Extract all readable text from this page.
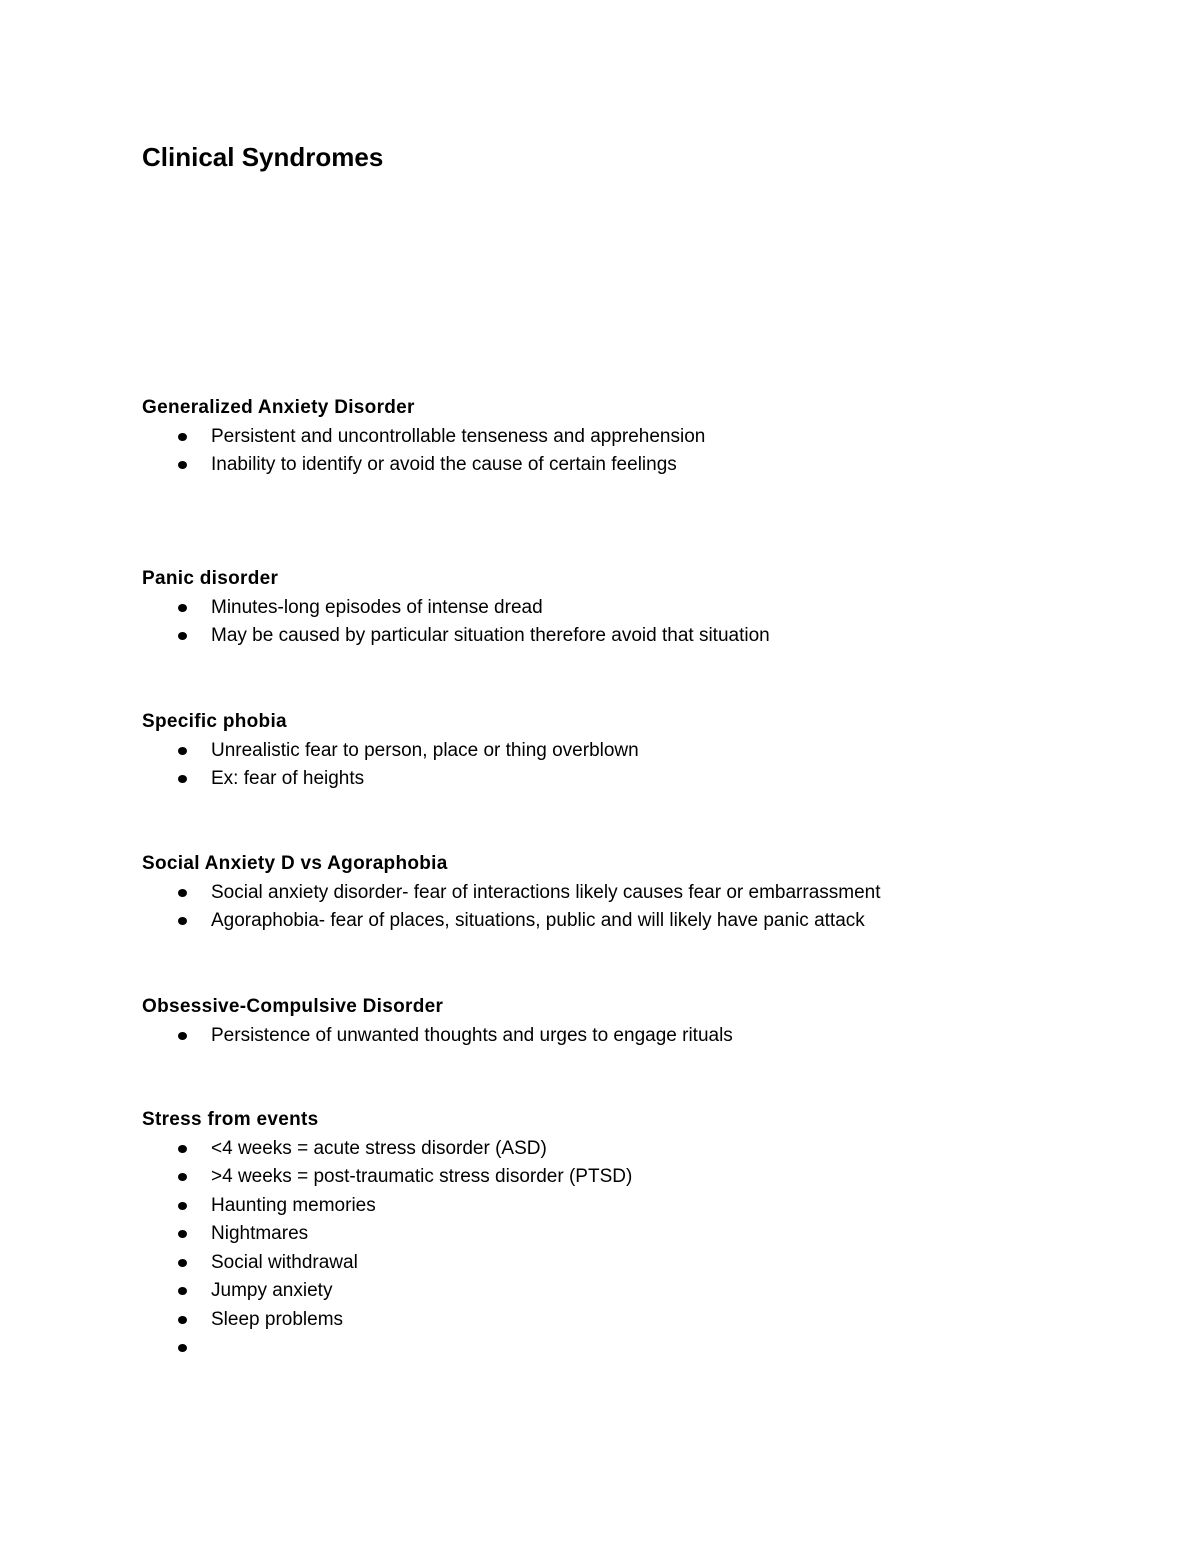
Clinical Syndromes
Generalized Anxiety Disorder
Persistent and uncontrollable tenseness and apprehension
Inability to identify or avoid the cause of certain feelings
Panic disorder
Minutes-long episodes of intense dread
May be caused by particular situation therefore avoid that situation
Specific phobia
Unrealistic fear to person, place or thing overblown
Ex: fear of heights
Social Anxiety D vs Agoraphobia
Social anxiety disorder- fear of interactions likely causes fear or embarrassment
Agoraphobia- fear of places, situations, public and will likely have panic attack
Obsessive-Compulsive Disorder
Persistence of unwanted thoughts and urges to engage rituals
Stress from events
<4 weeks = acute stress disorder (ASD)
>4 weeks = post-traumatic stress disorder (PTSD)
Haunting memories
Nightmares
Social withdrawal
Jumpy anxiety
Sleep problems
